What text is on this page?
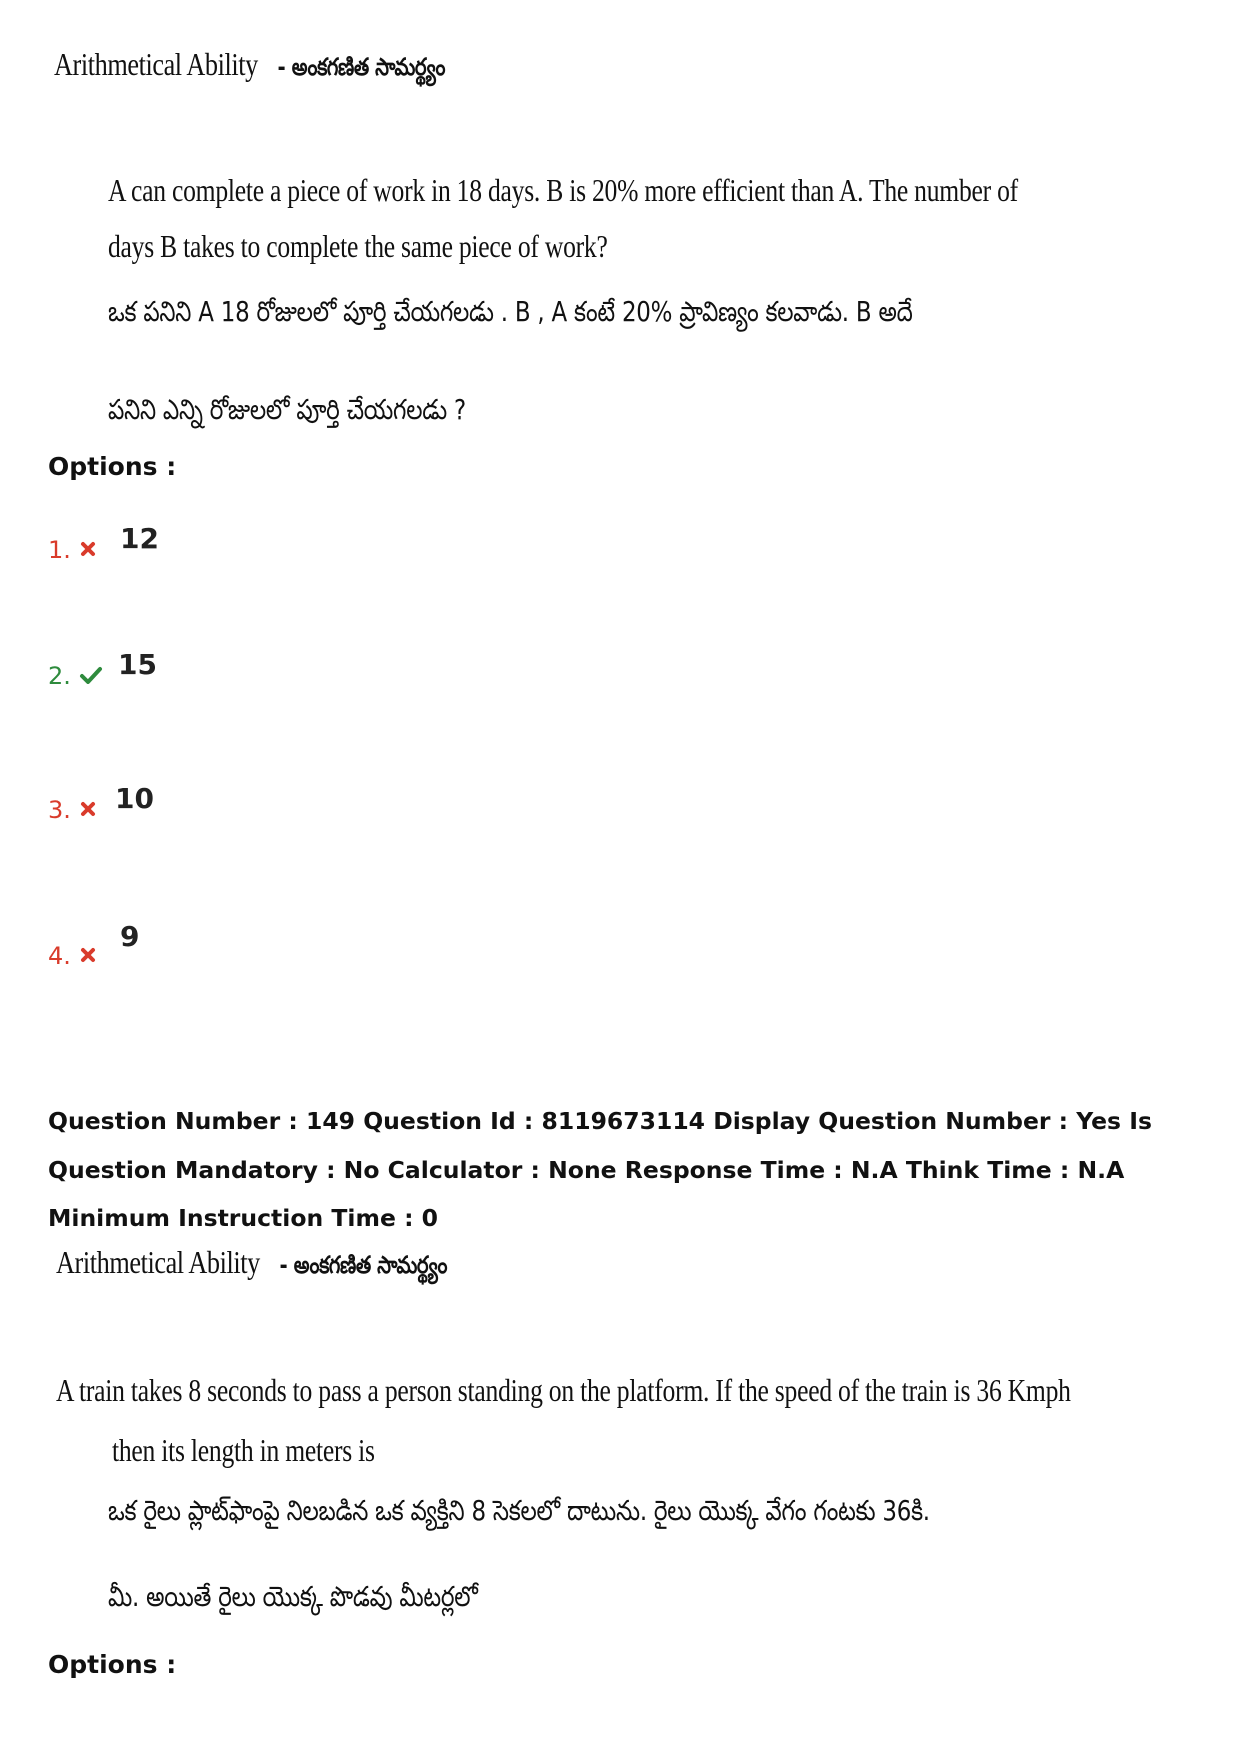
Arithmetical Ability - అంకగణిత సామర్థ్యం
A can complete a piece of work in 18 days. B is 20% more efficient than A. The number of
days B takes to complete the same piece of work?
ఒక పనిని A 18 రోజులలో పూర్తి చేయగలడు . B , A కంటే 20% ప్రావిణ్యం కలవాడు. B అదే
పనిని ఎన్ని రోజులలో పూర్తి చేయగలడు ?
Options :
1. 12
2. 15
3. 10
4.
9
Question Number : 149 Question Id : 8119673114 Display Question Number : Yes Is Question Mandatory : No Calculator : None Response Time : N.A Think Time : N.A Minimum Instruction Time : 0
Arithmetical Ability - అంకగణిత సామర్థ్యం
A train takes 8 seconds to pass a person standing on the platform. If the speed of the train is 36 Kmph
then its length in meters is
ఒక రైలు ప్లాట్‌ఫాంపై నిలబడిన ఒక వ్యక్తిని 8 సెకలలో దాటును. రైలు యొక్క వేగం గంటకు 36కి.
మీ. అయితే రైలు యొక్క పొడవు మీటర్లలో
Options :
